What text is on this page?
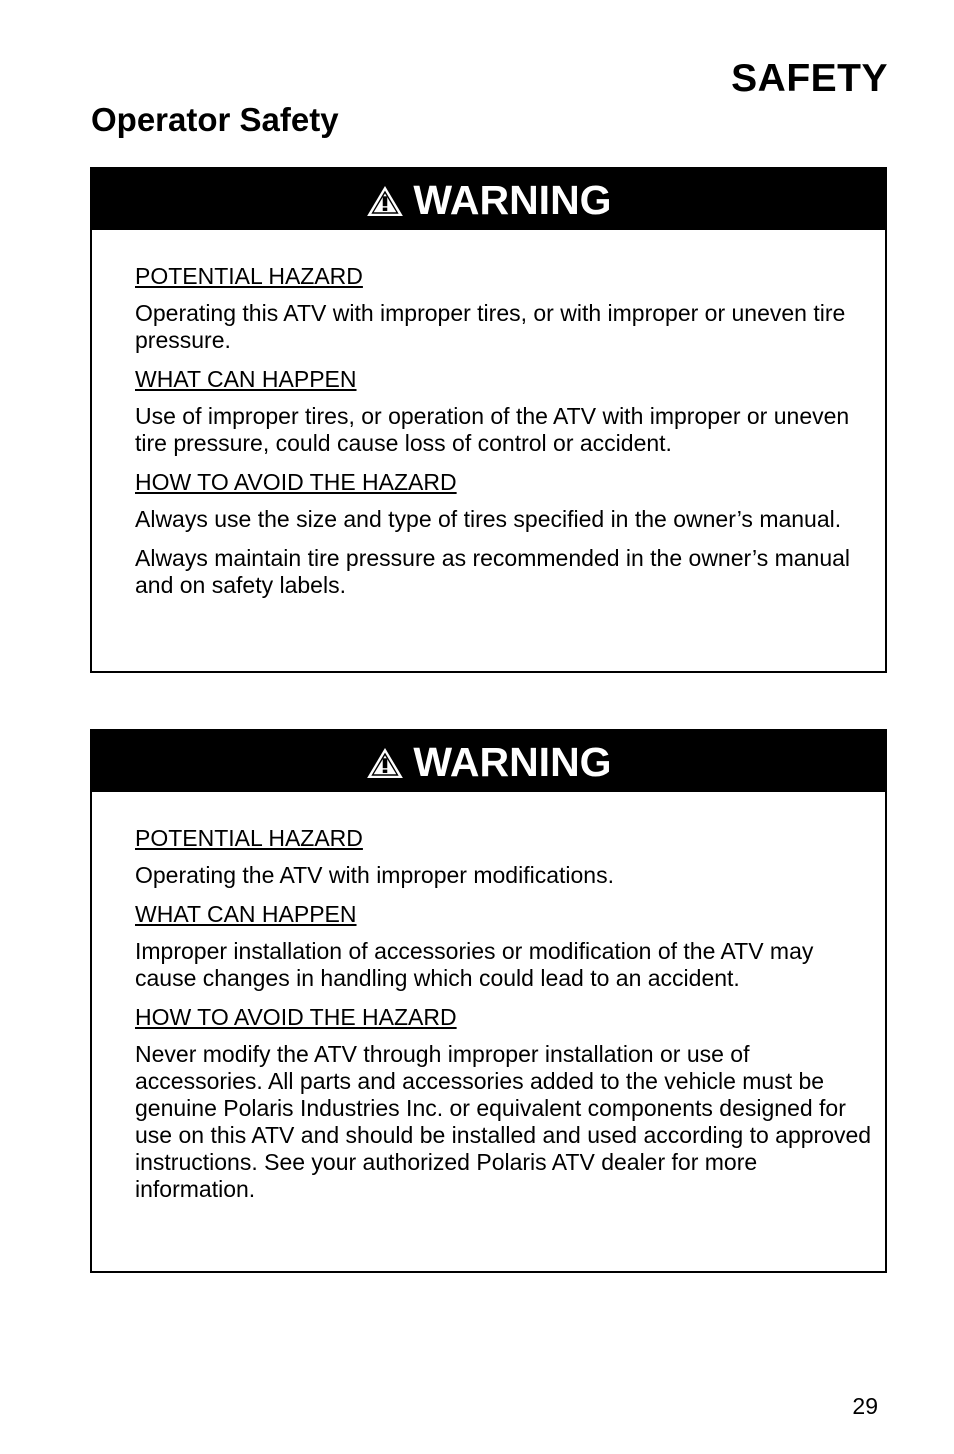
SAFETY
Operator Safety
WARNING

POTENTIAL HAZARD

Operating this ATV with improper tires, or with improper or uneven tire pressure.

WHAT CAN HAPPEN

Use of improper tires, or operation of the ATV with improper or uneven tire pressure, could cause loss of control or accident.

HOW TO AVOID THE HAZARD

Always use the size and type of tires specified in the owner’s manual.

Always maintain tire pressure as recommended in the owner’s manual and on safety labels.

WARNING

POTENTIAL HAZARD

Operating the ATV with improper modifications.

WHAT CAN HAPPEN

Improper installation of accessories or modification of the ATV may cause changes in handling which could lead to an accident.

HOW TO AVOID THE HAZARD

Never modify the ATV through improper installation or use of accessories. All parts and accessories added to the vehicle must be genuine Polaris Industries Inc. or equivalent components designed for use on this ATV and should be installed and used according to approved instructions. See your authorized Polaris ATV dealer for more information.

29
